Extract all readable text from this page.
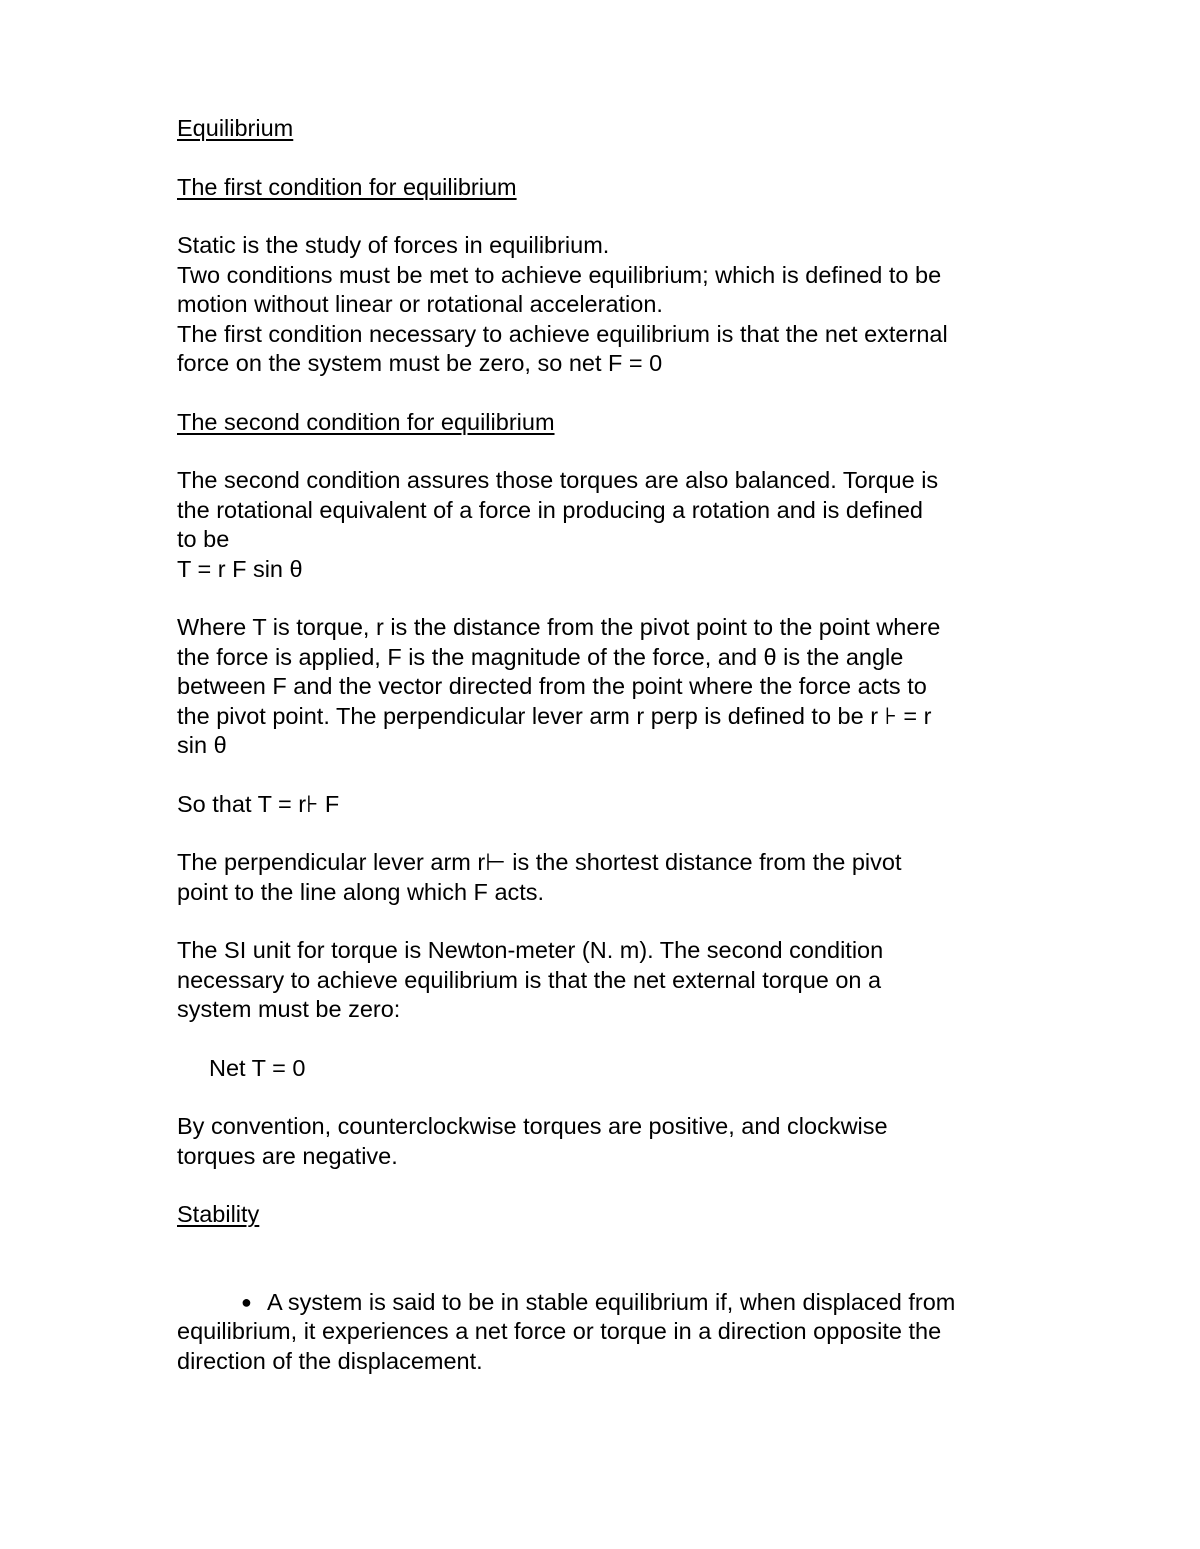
Equilibrium
The first condition for equilibrium
Static is the study of forces in equilibrium.
Two conditions must be met to achieve equilibrium; which is defined to be
motion without linear or rotational acceleration.
The first condition necessary to achieve equilibrium is that the net external
force on the system must be zero, so net F = 0
The second condition for equilibrium
The second condition assures those torques are also balanced. Torque is
the rotational equivalent of a force in producing a rotation and is defined
to be
T = r F sin θ
Where T is torque, r is the distance from the pivot point to the point where
the force is applied, F is the magnitude of the force, and θ is the angle
between F and the vector directed from the point where the force acts to
the pivot point. The perpendicular lever arm r perp is defined to be r ⊦ = r
sin θ
So that T = r⊦ F
The perpendicular lever arm r⊢ is the shortest distance from the pivot
point to the line along which F acts.
The SI unit for torque is Newton-meter (N. m). The second condition
necessary to achieve equilibrium is that the net external torque on a
system must be zero:
Net T = 0
By convention, counterclockwise torques are positive, and clockwise
torques are negative.
Stability
● A system is said to be in stable equilibrium if, when displaced from
equilibrium, it experiences a net force or torque in a direction opposite the
direction of the displacement.
